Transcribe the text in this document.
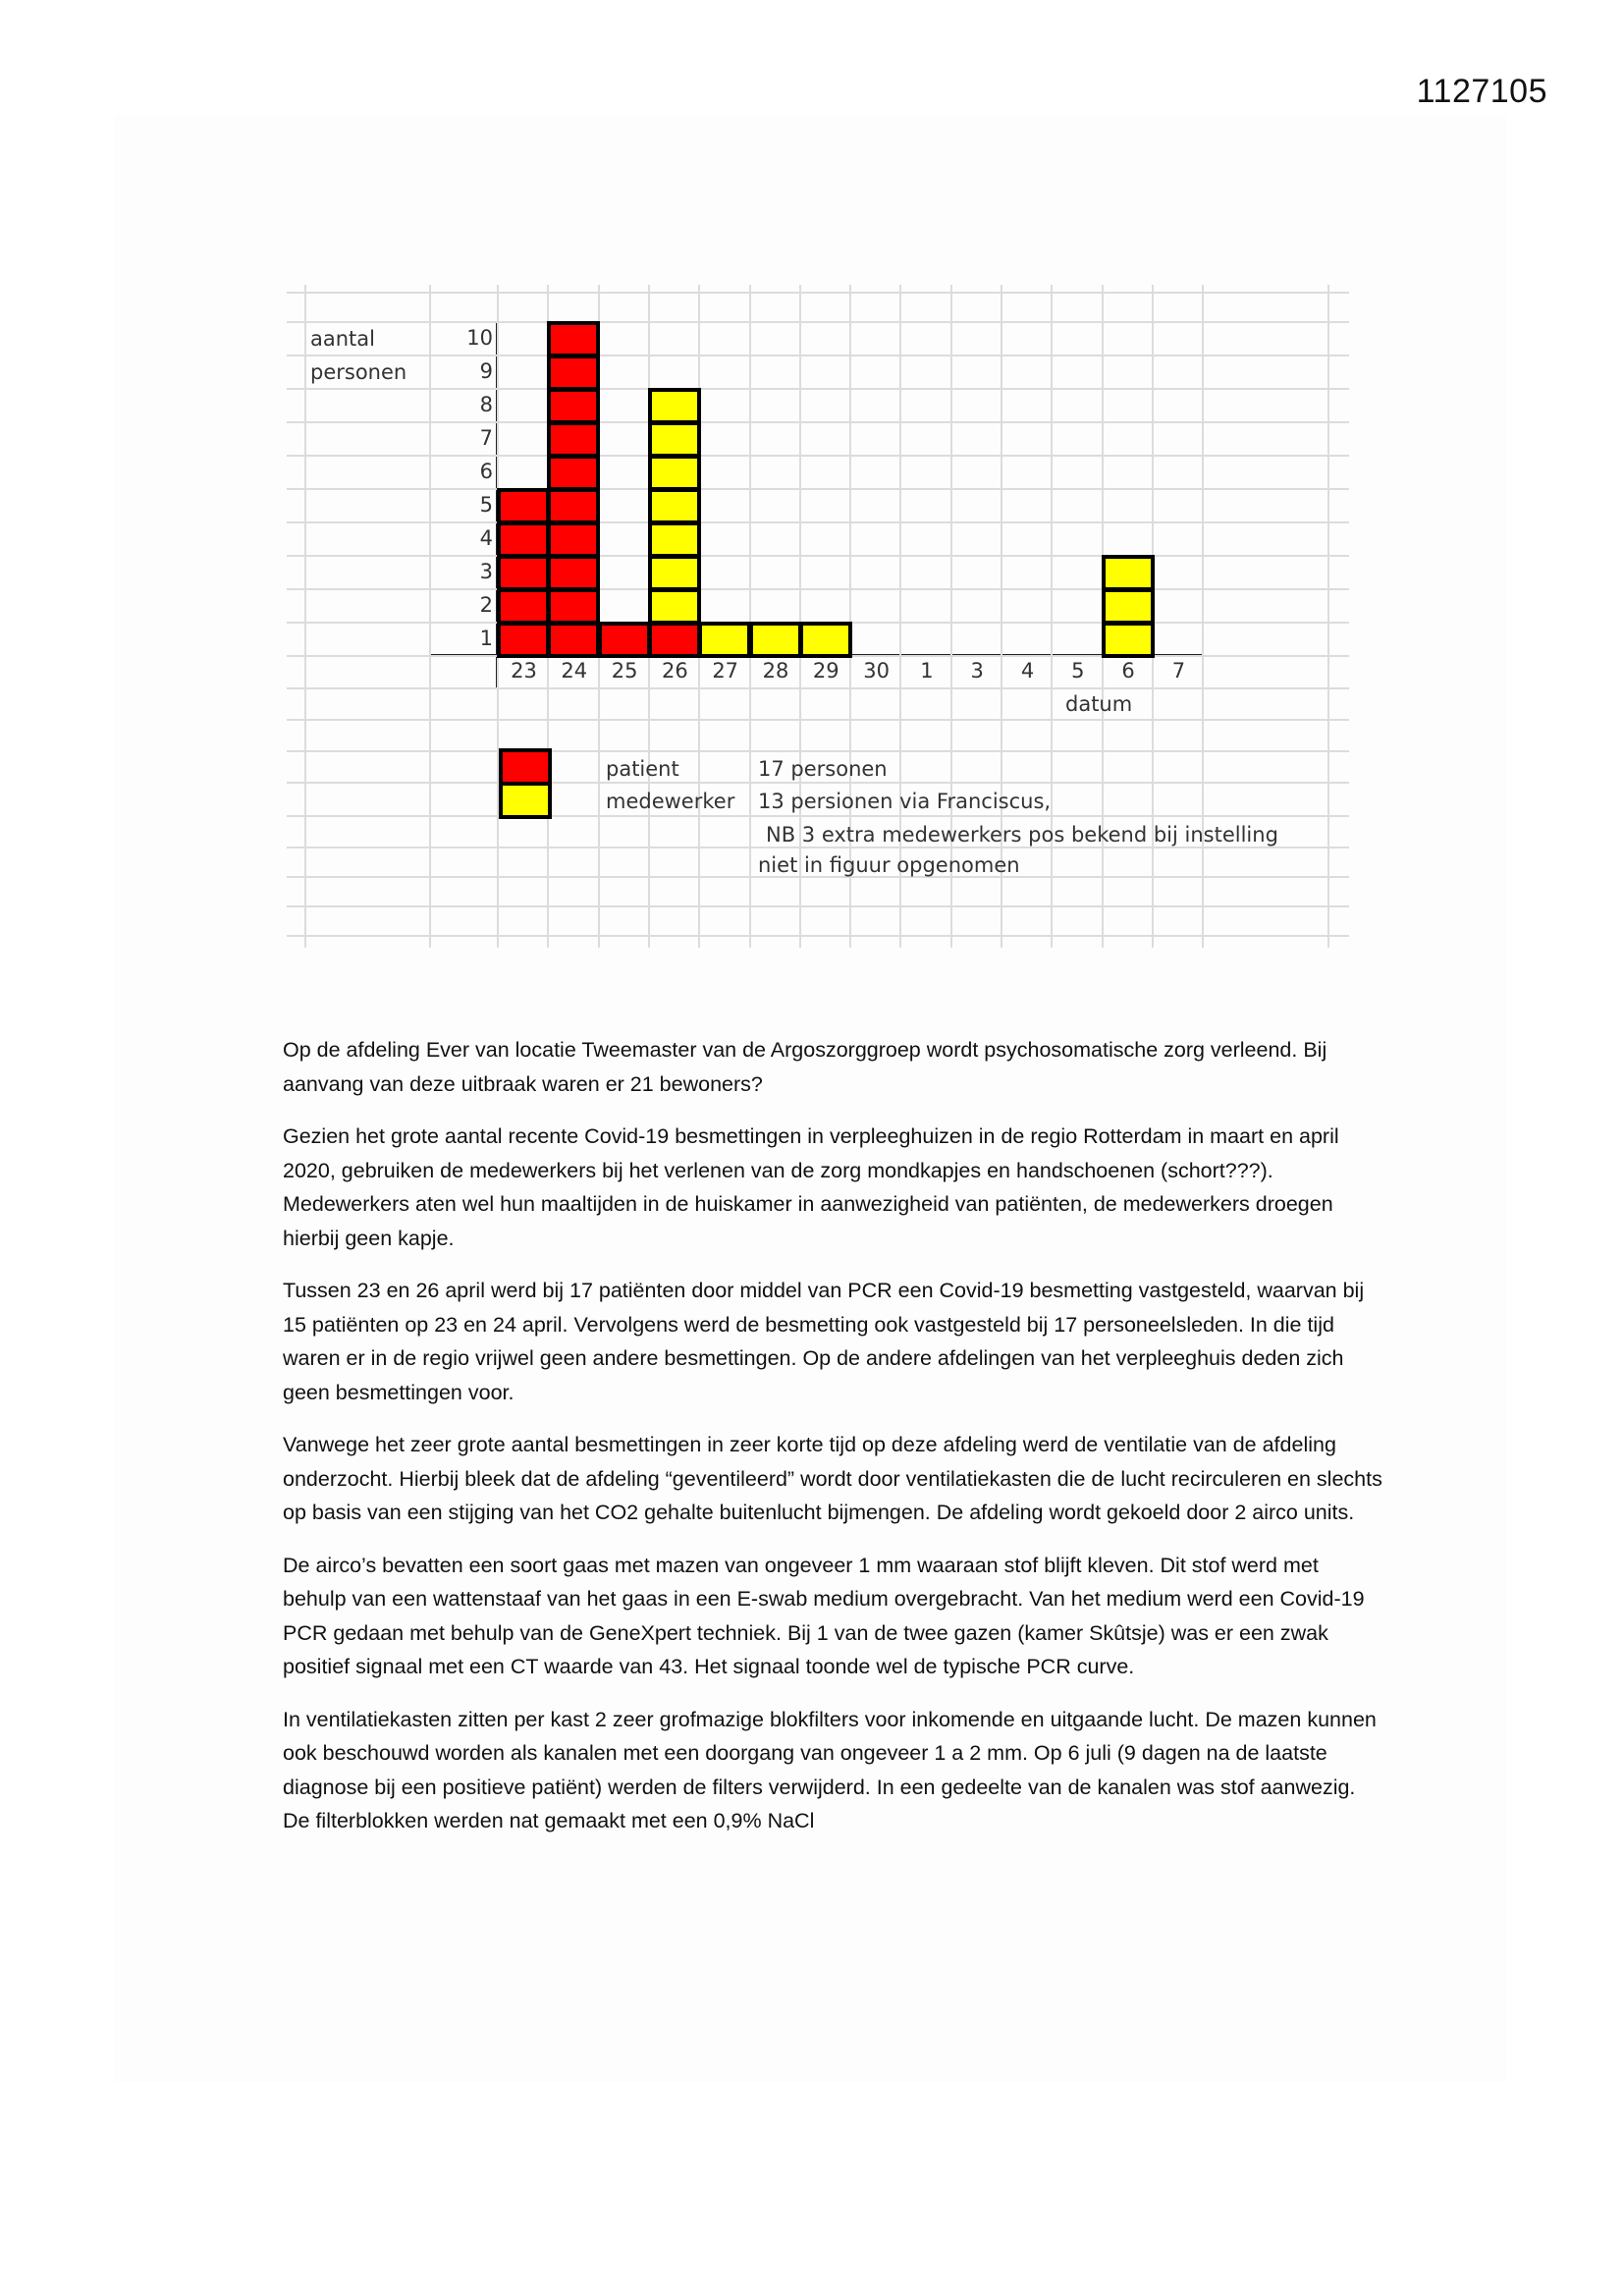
1127105
aantal
personen
datum
patient	17 personen
medewerker 13 persionen via Franciscus,
NB 3 extra medewerkers pos bekend bij instelling
niet in figuur opgenomen
10
9
8
7
6
5
4
3
2
1
23	24	25	26	27	28	29	30	1	3	4	5	6	7

Op de afdeling Ever van locatie Tweemaster van de Argoszorggroep wordt psychosomatische zorg verleend. Bij aanvang van deze uitbraak waren er 21 bewoners?

Gezien het grote aantal recente Covid-19 besmettingen in verpleeghuizen in de regio Rotterdam in maart en april 2020, gebruiken de medewerkers bij het verlenen van de zorg mondkapjes en handschoenen (schort???). Medewerkers aten wel hun maaltijden in de huiskamer in aanwezigheid van patiënten, de medewerkers droegen hierbij geen kapje.

Tussen 23 en 26 april werd bij 17 patiënten door middel van PCR een Covid-19 besmetting vastgesteld, waarvan bij 15 patiënten op 23 en 24 april. Vervolgens werd de besmetting ook vastgesteld bij 17 personeelsleden. In die tijd waren er in de regio vrijwel geen andere besmettingen. Op de andere afdelingen van het verpleeghuis deden zich geen besmettingen voor.

Vanwege het zeer grote aantal besmettingen in zeer korte tijd op deze afdeling werd de ventilatie van de afdeling onderzocht. Hierbij bleek dat de afdeling “geventileerd” wordt door ventilatiekasten die de lucht recirculeren en slechts op basis van een stijging van het CO2 gehalte buitenlucht bijmengen. De afdeling wordt gekoeld door 2 airco units.

De airco’s bevatten een soort gaas met mazen van ongeveer 1 mm waaraan stof blijft kleven. Dit stof werd met behulp van een wattenstaaf van het gaas in een E-swab medium overgebracht. Van het medium werd een Covid-19 PCR gedaan met behulp van de GeneXpert techniek. Bij 1 van de twee gazen (kamer Skûtsje) was er een zwak positief signaal met een CT waarde van 43. Het signaal toonde wel de typische PCR curve.

In ventilatiekasten zitten per kast 2 zeer grofmazige blokfilters voor inkomende en uitgaande lucht. De mazen kunnen ook beschouwd worden als kanalen met een doorgang van ongeveer 1 a 2 mm. Op 6 juli (9 dagen na de laatste diagnose bij een positieve patiënt) werden de filters verwijderd. In een gedeelte van de kanalen was stof aanwezig. De filterblokken werden nat gemaakt met een 0,9% NaCl
